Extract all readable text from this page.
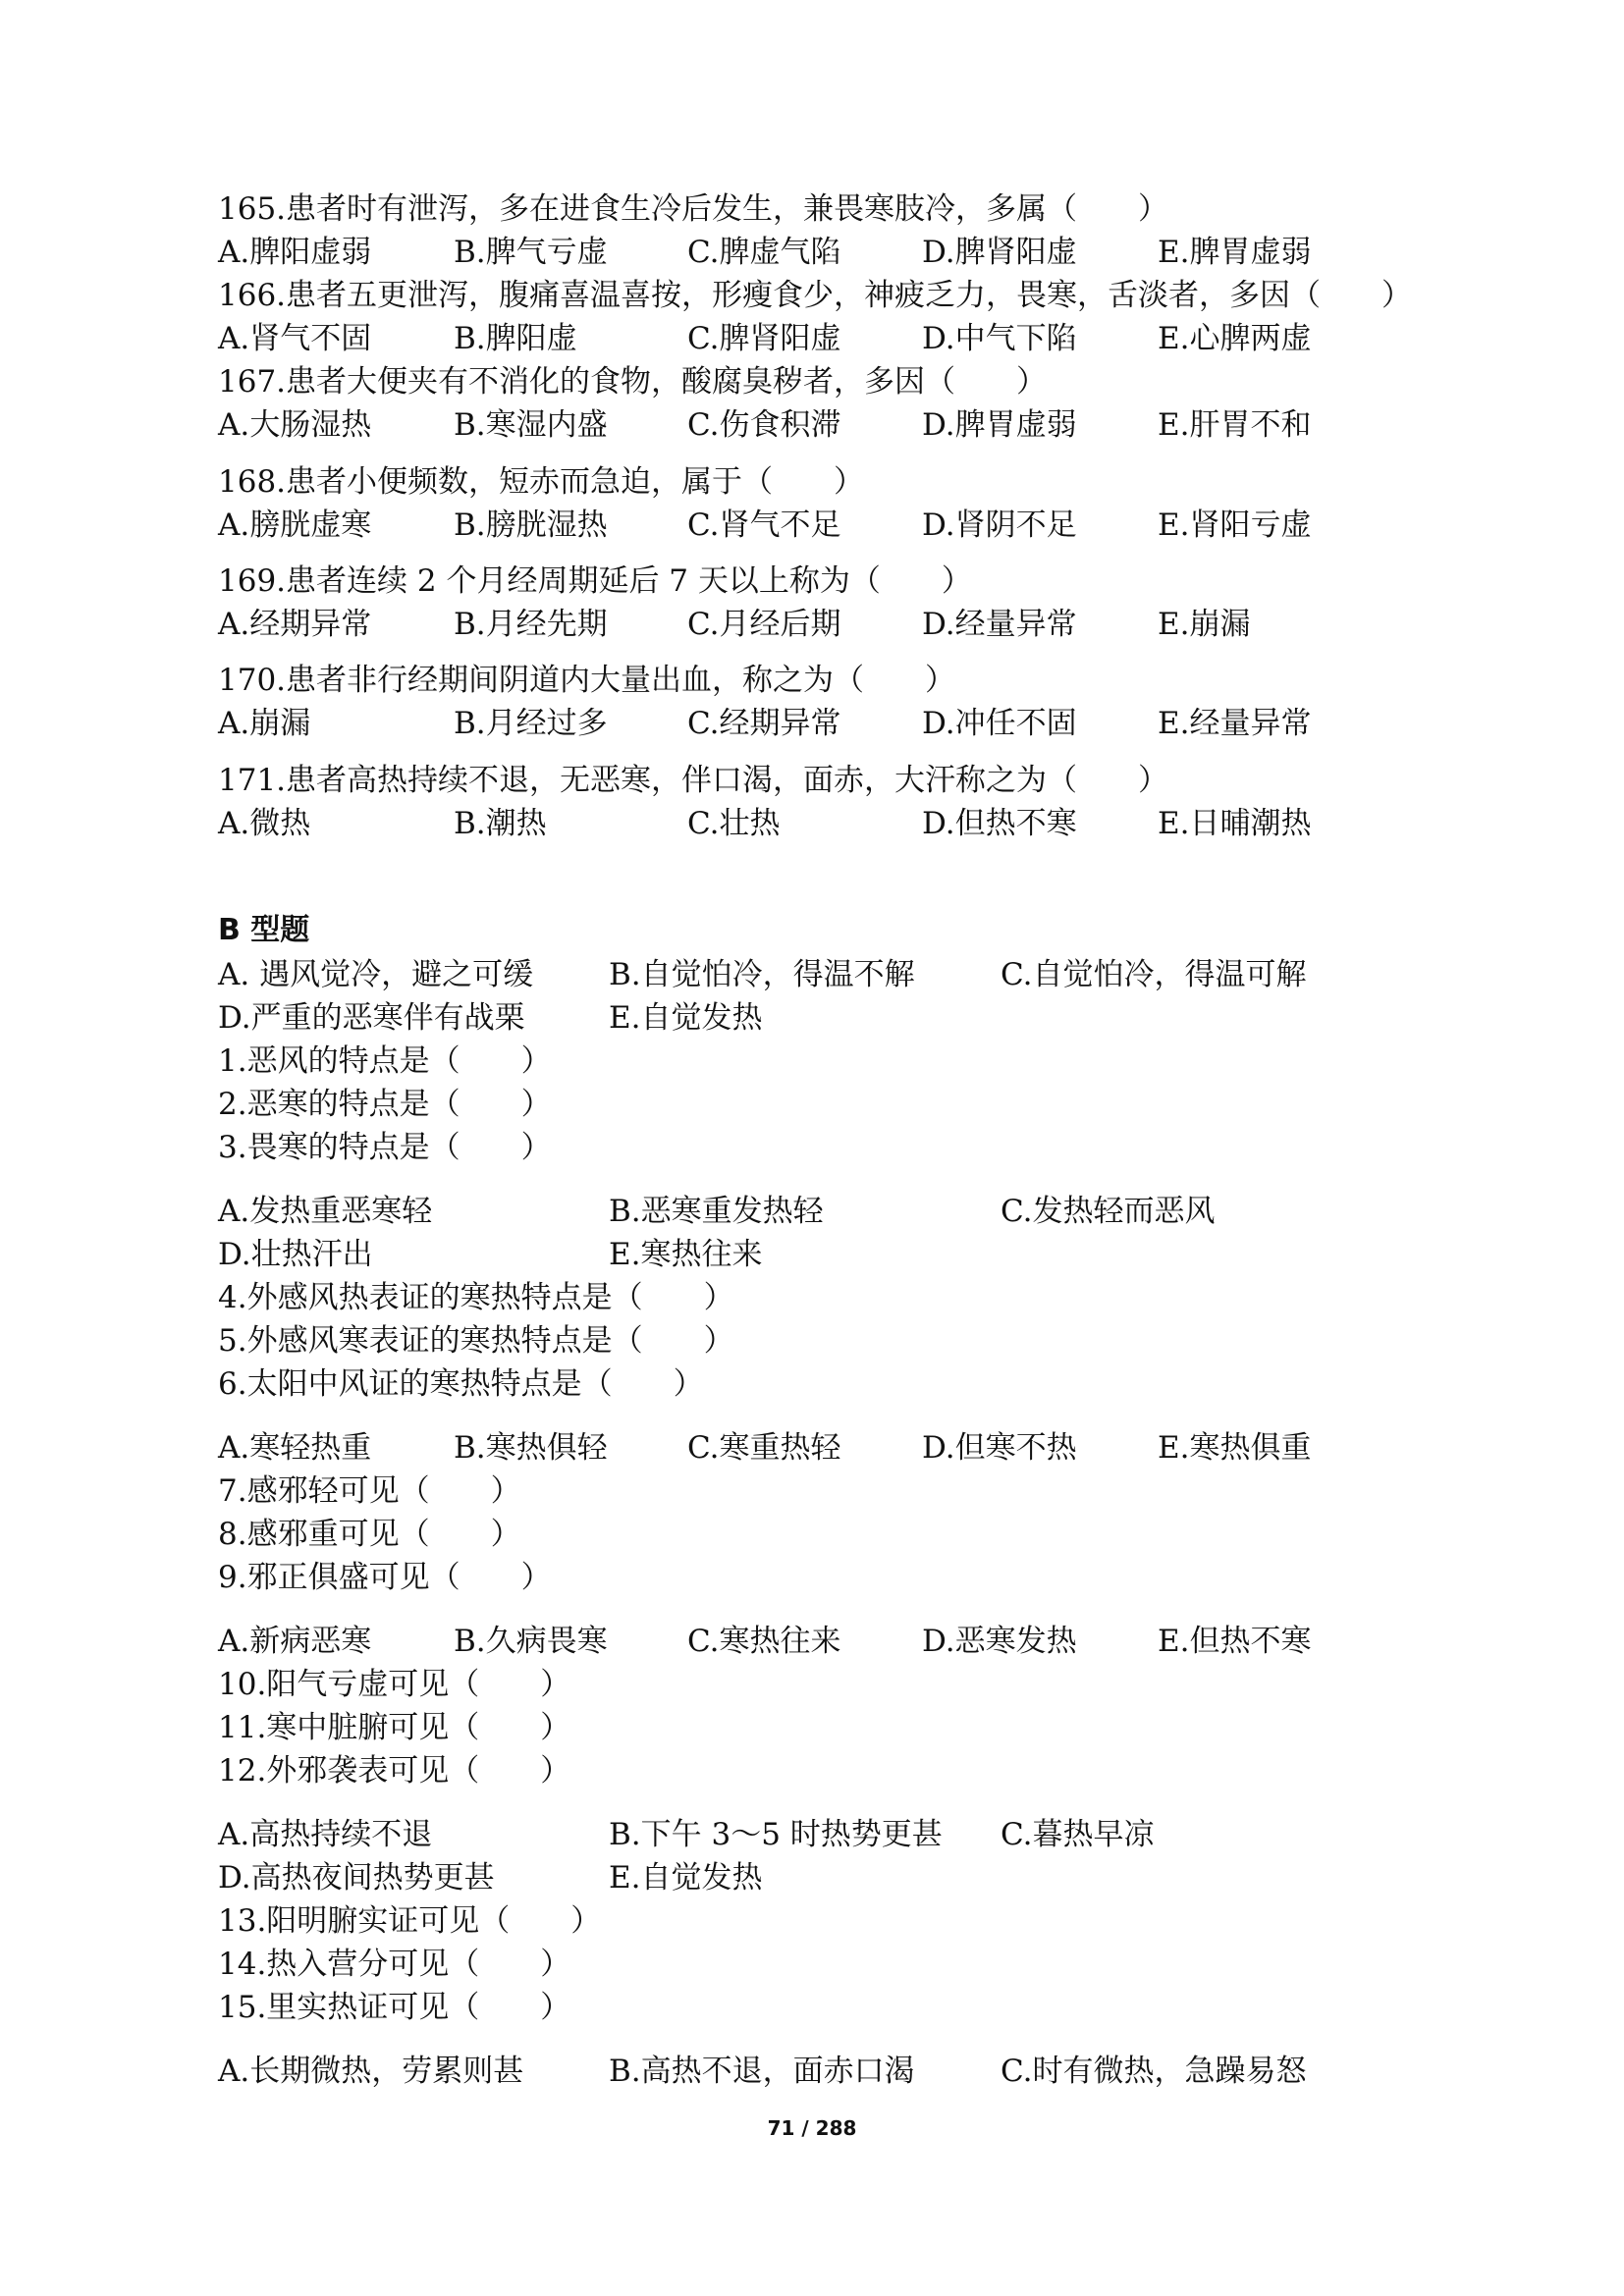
165.患者时有泄泻，多在进食生冷后发生，兼畏寒肢冷，多属（　　）
A.脾阳虚弱	B.脾气亏虚	C.脾虚气陷	D.脾肾阳虚	E.脾胃虚弱
166.患者五更泄泻，腹痛喜温喜按，形瘦食少，神疲乏力，畏寒，舌淡者，多因（　　）
A.肾气不固	B.脾阳虚	C.脾肾阳虚	D.中气下陷	E.心脾两虚
167.患者大便夹有不消化的食物，酸腐臭秽者，多因（　　）
A.大肠湿热	B.寒湿内盛	C.伤食积滞	D.脾胃虚弱	E.肝胃不和
168.患者小便频数，短赤而急迫，属于（　　）
A.膀胱虚寒	B.膀胱湿热	C.肾气不足	D.肾阴不足	E.肾阳亏虚
169.患者连续 2 个月经周期延后 7 天以上称为（　　）
A.经期异常	B.月经先期	C.月经后期	D.经量异常	E.崩漏
170.患者非行经期间阴道内大量出血，称之为（　　）
A.崩漏	B.月经过多	C.经期异常	D.冲任不固	E.经量异常
171.患者高热持续不退，无恶寒，伴口渴，面赤，大汗称之为（　　）
A.微热	B.潮热	C.壮热	D.但热不寒	E.日晡潮热
B 型题
A. 遇风觉冷，避之可缓 B.自觉怕冷，得温不解	C.自觉怕冷，得温可解
D.严重的恶寒伴有战栗	E.自觉发热
1.恶风的特点是（　　）
2.恶寒的特点是（　　）
3.畏寒的特点是（　　）
A.发热重恶寒轻	B.恶寒重发热轻	C.发热轻而恶风
D.壮热汗出	E.寒热往来
4.外感风热表证的寒热特点是（　　）
5.外感风寒表证的寒热特点是（　　）
6.太阳中风证的寒热特点是（　　）
A.寒轻热重	B.寒热俱轻	C.寒重热轻	D.但寒不热	E.寒热俱重
7.感邪轻可见（　　）
8.感邪重可见（　　）
9.邪正俱盛可见（　　）
A.新病恶寒	B.久病畏寒	C.寒热往来	D.恶寒发热	E.但热不寒
10.阳气亏虚可见（　　）
11.寒中脏腑可见（　　）
12.外邪袭表可见（　　）
A.高热持续不退	B.下午 3～5 时热势更甚 C.暮热早凉
D.高热夜间热势更甚	E.自觉发热
13.阳明腑实证可见（　　）
14.热入营分可见（　　）
15.里实热证可见（　　）
A.长期微热，劳累则甚	B.高热不退，面赤口渴	C.时有微热，急躁易怒
71 / 288
